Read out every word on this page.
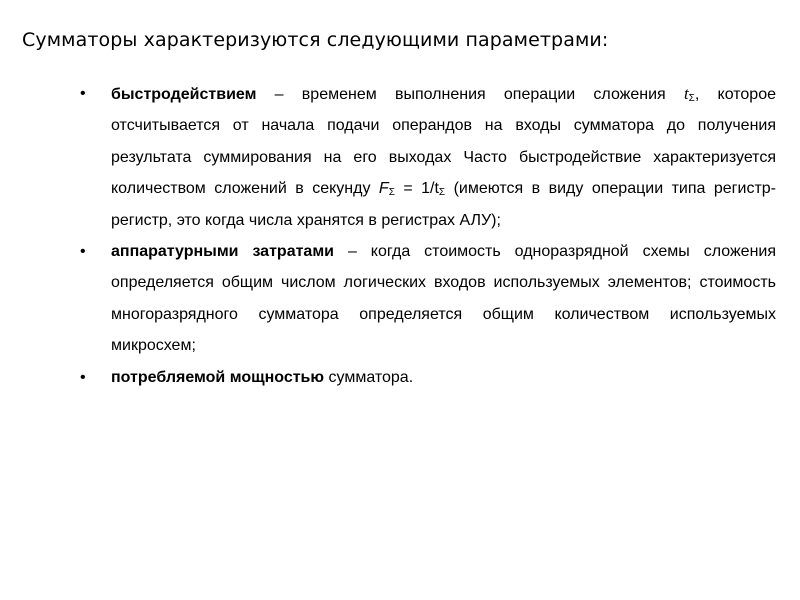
Сумматоры характеризуются следующими параметрами:
• быстродействием – временем выполнения операции сложения $t_\Sigma$, которое отсчитывается от начала подачи операндов на входы сумматора до получения результата суммирования на его выходах Часто быстродействие характеризуется количеством сложений в секунду $F_\Sigma = 1/t_\Sigma$ (имеются в виду операции типа регистр-регистр, это когда числа хранятся в регистрах АЛУ);
• аппаратурными затратами – когда стоимость одноразрядной схемы сложения определяется общим числом логических входов используемых элементов; стоимость многоразрядного сумматора определяется общим количеством используемых микросхем;
• потребляемой мощностью сумматора.
